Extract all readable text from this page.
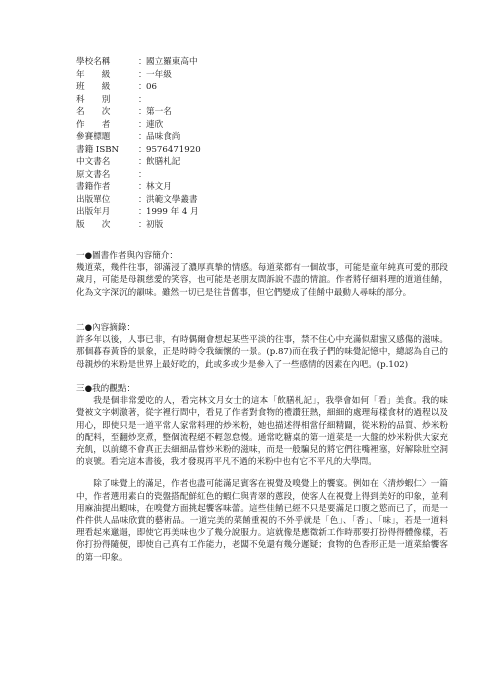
學校名稱	： 國立羅東高中
年　　級	： 一年級
班　　級	： 06
科　　別	：
名　　次	： 第一名
作　　者	： 連欣
參賽標題	： 品味食尚
書籍 ISBN	： 9576471920
中文書名	： 飲膳札記
原文書名	：
書籍作者	： 林文月
出版單位	： 洪範文學叢書
出版年月	： 1999 年 4 月
版　　次	： 初版
一●圖書作者與內容簡介：

幾道菜，幾件往事，卻滿浸了濃厚真摯的情感。每道菜都有一個故事，可能是童年純真可愛的那段歲月，可能是母親慈愛的笑容，也可能是老朋友間訴說不盡的情誼。作者將仔細料理的道道佳餚，化為文字深沉的韻味。雖然一切已是往昔舊事，但它們變成了佳餚中最動人尋味的部分。

二●內容摘錄：

許多年以後，人事已非，有時偶爾會想起某些平淡的往事，禁不住心中充滿似甜蜜又感傷的滋味。那個暮春黃昏的景象，正是時時令我緬懷的一景。(p.87)而在我子們的味覺記憶中，總認為自己的母親炒的米粉是世界上最好吃的，此或多或少是參入了一些感情的因素在內吧。(p.102)

三●我的觀點：

我是個非常愛吃的人，看完林文月女士的這本「飲膳札記」，我學會如何「看」美食。我的味覺被文字刺激著，從字裡行間中，看見了作者對食物的禮讚狂熱，細細的處理每樣食材的過程以及用心，即使只是一道平常人家常料理的炒米粉，她也描述得相當仔細精闢，從米粉的品質、炒米粉的配料，至翻炒烹煮，整個流程絕不輕忽怠慢。通常吃糖桌的第一道菜是一大盤的炒米粉供大家充充飢，以前總不會真正去細細品嘗炒米粉的滋味，而是一般騙兒的將它們往嘴裡塞，好解除肚空洞的哀號。看完這本書後，我才發現再平凡不過的米粉中也有它不平凡的大學問。

除了味覺上的滿足，作者也盡可能滿足賓客在視覺及嗅覺上的饗宴。例如在〈清炒蝦仁〉一篇中，作者選用素白的瓷盤搭配鮮紅色的蝦仁與青翠的蔥段，使客人在視覺上得到美好的印象，並利用麻油提出蝦味，在嗅覺方面挑起饗客味蕾。這些佳餚已經不只是要滿足口腹之慾而已了，而是一件件供人品味欣賞的藝術品。一道完美的菜餚重視的不外乎就是「色」、「香」、「味」，若是一道料理看起來邋遢，即使它再美味也少了幾分說服力。這就像是應徵新工作時那要打扮得得體像樣，若你打扮得隨便，即使自己真有工作能力，老闆不免還有幾分遲疑；食物的色香形正是一道菜給饗客的第一印象。
